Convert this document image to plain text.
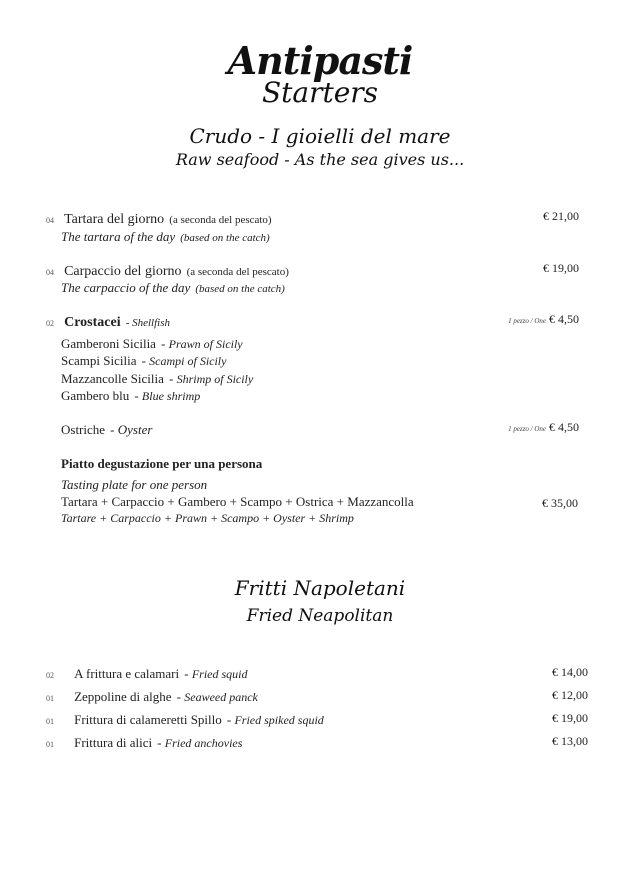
Antipasti
Starters
Crudo - I gioielli del mare
Raw seafood - As the sea gives us...
04 Tartara del giorno (a seconda del pescato)
The tartara of the day (based on the catch)
€ 21,00
04 Carpaccio del giorno (a seconda del pescato)
The carpaccio of the day (based on the catch)
€ 19,00
02 Crostacei - Shellfish	1 pezzo / One € 4,50
Gamberoni Sicilia - Prawn of Sicily
Scampi Sicilia - Scampi of Sicily
Mazzancolle Sicilia - Shrimp of Sicily
Gambero blu - Blue shrimp
Ostriche - Oyster	1 pezzo / One € 4,50
Piatto degustazione per una persona
Tasting plate for one person
Tartara + Carpaccio + Gambero + Scampo + Ostrica + Mazzancolla
Tartare + Carpaccio + Prawn + Scampo + Oyster + Shrimp
€ 35,00
Fritti Napoletani
Fried Neapolitan
02 A frittura e calamari - Fried squid	€ 14,00
01 Zeppoline di alghe - Seaweed panck	€ 12,00
01 Frittura di calameretti Spillo - Fried spiked squid	€ 19,00
01 Frittura di alici - Fried anchovies	€ 13,00
